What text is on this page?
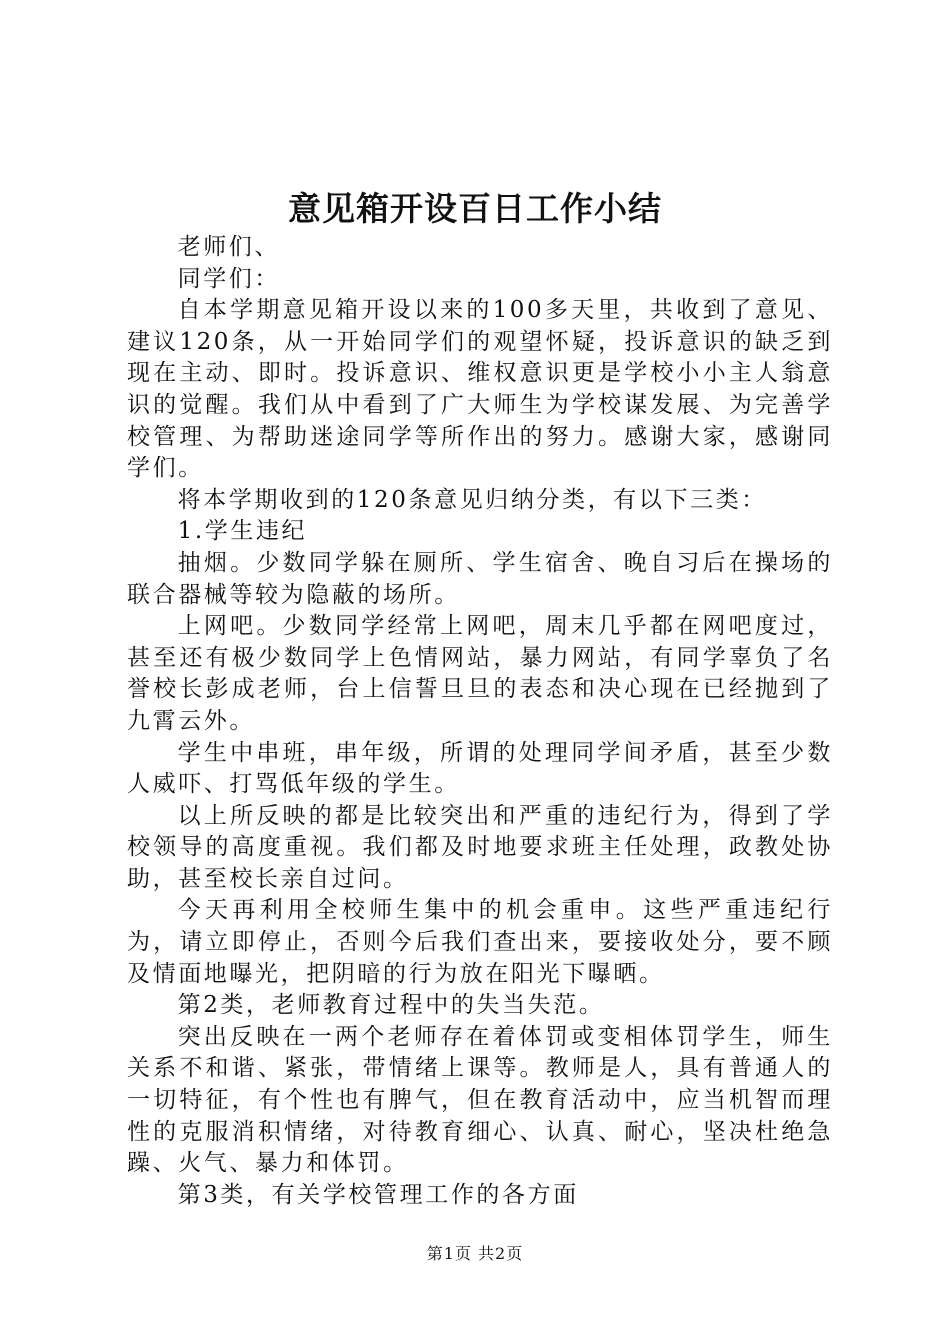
意见箱开设百日工作小结

老师们、

同学们：

自本学期意见箱开设以来的100多天里，共收到了意见、建议120条，从一开始同学们的观望怀疑，投诉意识的缺乏到现在主动、即时。投诉意识、维权意识更是学校小小主人翁意识的觉醒。我们从中看到了广大师生为学校谋发展、为完善学校管理、为帮助迷途同学等所作出的努力。感谢大家，感谢同学们。

将本学期收到的120条意见归纳分类，有以下三类：

1.学生违纪

抽烟。少数同学躲在厕所、学生宿舍、晚自习后在操场的联合器械等较为隐蔽的场所。

上网吧。少数同学经常上网吧，周末几乎都在网吧度过，甚至还有极少数同学上色情网站，暴力网站，有同学辜负了名誉校长彭成老师，台上信誓旦旦的表态和决心现在已经抛到了九霄云外。

学生中串班，串年级，所谓的处理同学间矛盾，甚至少数人威吓、打骂低年级的学生。

以上所反映的都是比较突出和严重的违纪行为，得到了学校领导的高度重视。我们都及时地要求班主任处理，政教处协助，甚至校长亲自过问。

今天再利用全校师生集中的机会重申。这些严重违纪行为，请立即停止，否则今后我们查出来，要接收处分，要不顾及情面地曝光，把阴暗的行为放在阳光下曝晒。

第2类，老师教育过程中的失当失范。

突出反映在一两个老师存在着体罚或变相体罚学生，师生关系不和谐、紧张，带情绪上课等。教师是人，具有普通人的一切特征，有个性也有脾气，但在教育活动中，应当机智而理性的克服消积情绪，对待教育细心、认真、耐心，坚决杜绝急躁、火气、暴力和体罚。

第3类，有关学校管理工作的各方面

第1页 共2页
